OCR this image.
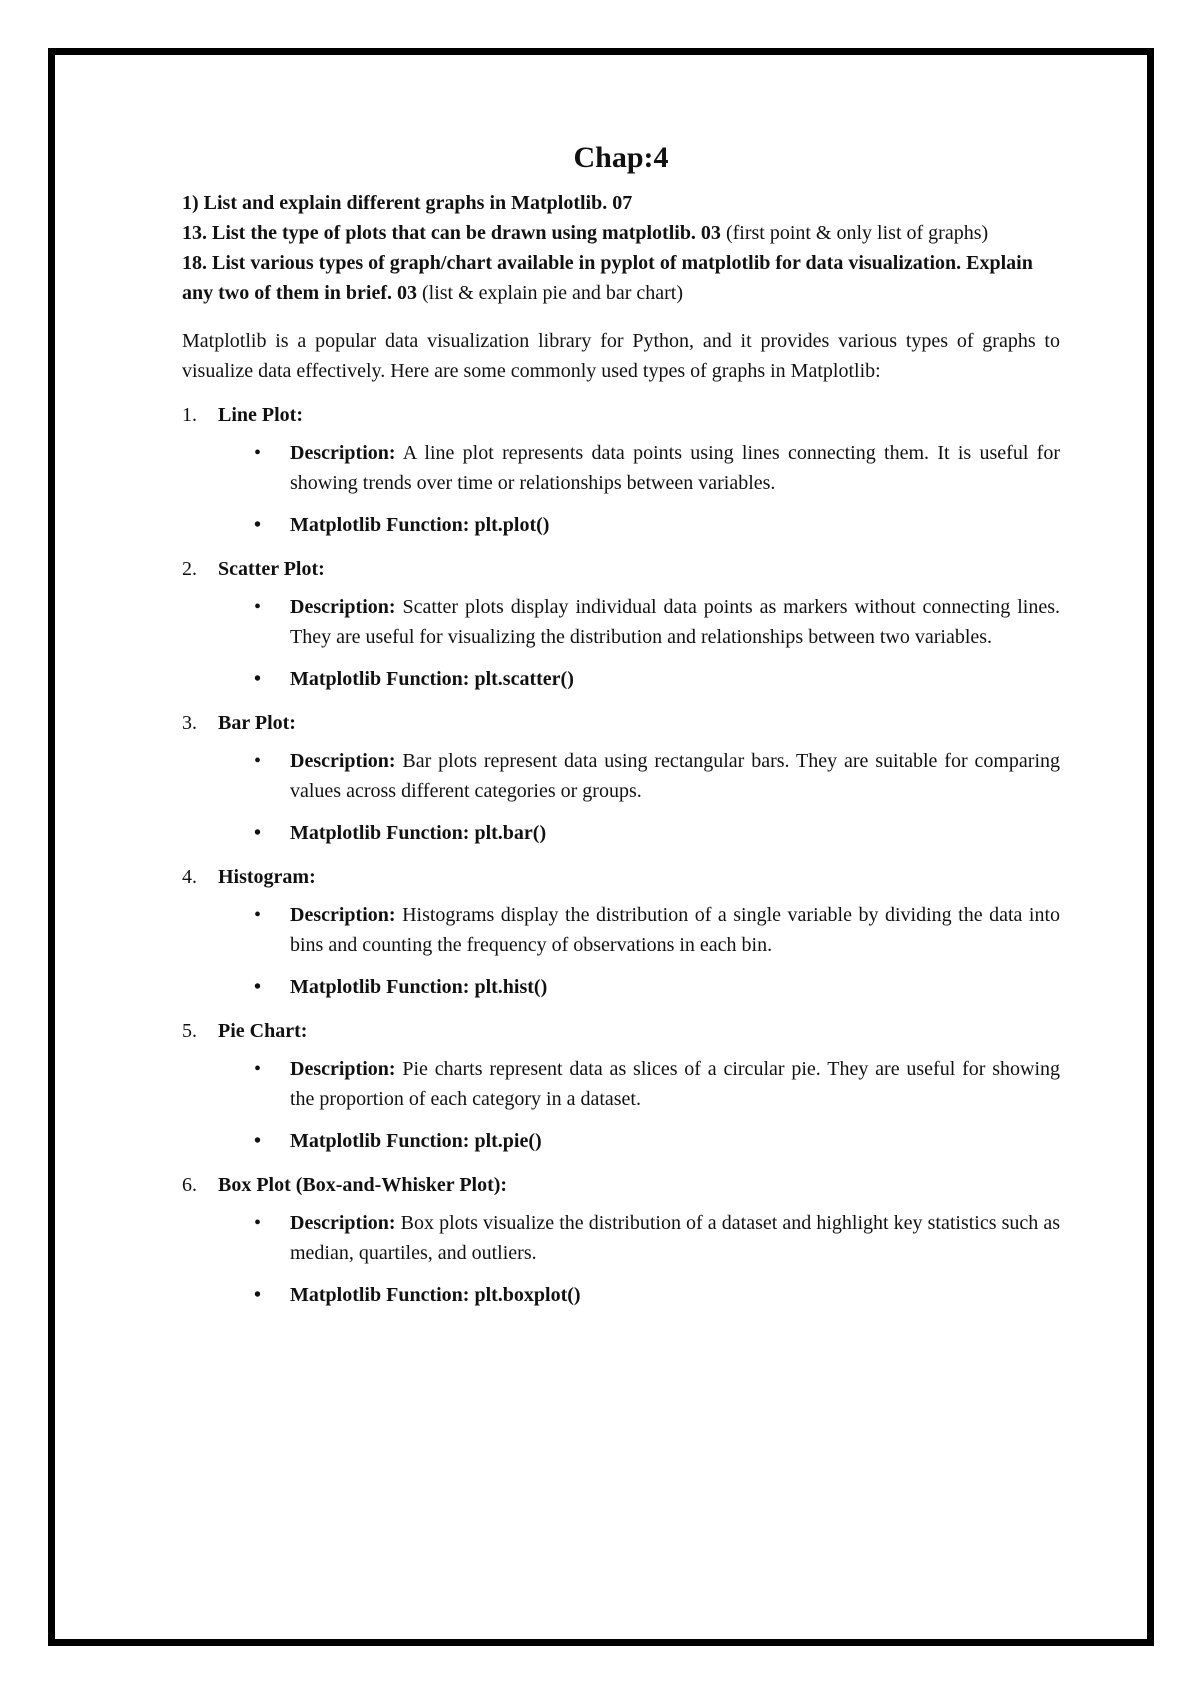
Chap:4

1) List and explain different graphs in Matplotlib. 07

13. List the type of plots that can be drawn using matplotlib. 03 (first point & only list of graphs)

18. List various types of graph/chart available in pyplot of matplotlib for data visualization. Explain any two of them in brief. 03 (list & explain pie and bar chart)

Matplotlib is a popular data visualization library for Python, and it provides various types of graphs to visualize data effectively. Here are some commonly used types of graphs in Matplotlib:

1. Line Plot:
• Description: A line plot represents data points using lines connecting them. It is useful for showing trends over time or relationships between variables.
• Matplotlib Function: plt.plot()
2. Scatter Plot:
• Description: Scatter plots display individual data points as markers without connecting lines. They are useful for visualizing the distribution and relationships between two variables.
• Matplotlib Function: plt.scatter()
3. Bar Plot:
• Description: Bar plots represent data using rectangular bars. They are suitable for comparing values across different categories or groups.
• Matplotlib Function: plt.bar()
4. Histogram:
• Description: Histograms display the distribution of a single variable by dividing the data into bins and counting the frequency of observations in each bin.
• Matplotlib Function: plt.hist()
5. Pie Chart:
• Description: Pie charts represent data as slices of a circular pie. They are useful for showing the proportion of each category in a dataset.
• Matplotlib Function: plt.pie()
6. Box Plot (Box-and-Whisker Plot):
• Description: Box plots visualize the distribution of a dataset and highlight key statistics such as median, quartiles, and outliers.
• Matplotlib Function: plt.boxplot()
